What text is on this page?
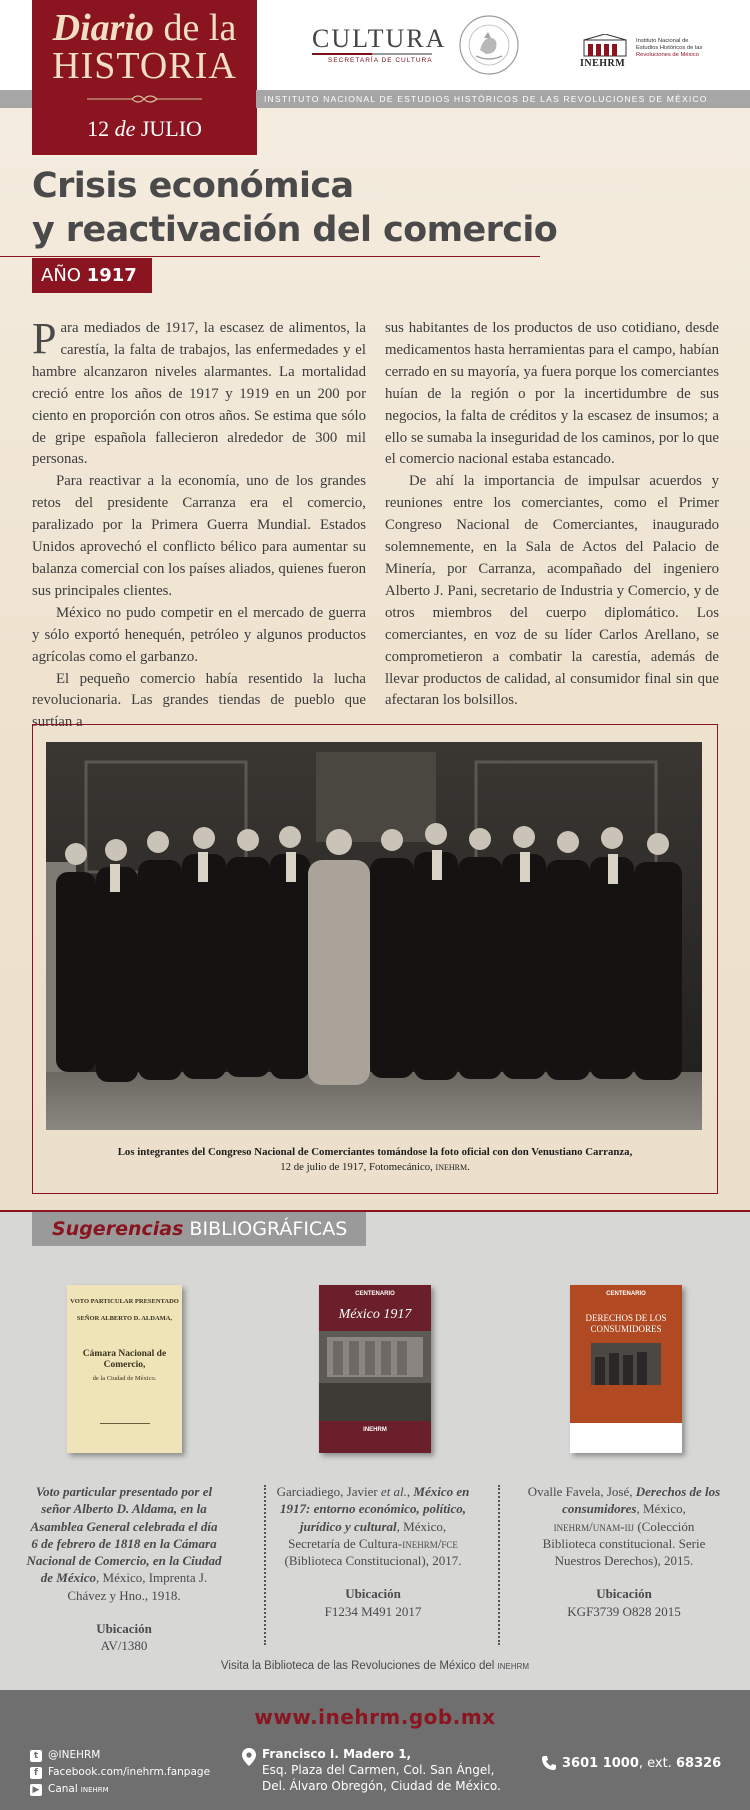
Diario de la
HISTORIA
12 de JULIO
CULTURA
SECRETARÍA DE CULTURA	INEHRM
Instituto Nacional de
Estudios Históricos de las
Revoluciones de México
INSTITUTO NACIONAL DE ESTUDIOS HISTÓRICOS DE LAS REVOLUCIONES DE MÉXICO
Crisis económica
y reactivación del comercio
AÑO 1917

Para mediados de 1917, la escasez de alimentos, la carestía, la falta de trabajos, las enfermedades y el hambre alcanzaron niveles alarmantes. La mortalidad creció entre los años de 1917 y 1919 en un 200 por ciento en proporción con otros años. Se estima que sólo de gripe española fallecieron alrededor de 300 mil personas.

Para reactivar a la economía, uno de los grandes retos del presidente Carranza era el comercio, paralizado por la Primera Guerra Mundial. Estados Unidos aprovechó el conflicto bélico para aumentar su balanza comercial con los países aliados, quienes fueron sus principales clientes.

México no pudo competir en el mercado de guerra y sólo exportó henequén, petróleo y algunos productos agrícolas como el garbanzo.

El pequeño comercio había resentido la lucha revolucionaria. Las grandes tiendas de pueblo que surtían a

sus habitantes de los productos de uso cotidiano, desde medicamentos hasta herramientas para el campo, habían cerrado en su mayoría, ya fuera porque los comerciantes huían de la región o por la incertidumbre de sus negocios, la falta de créditos y la escasez de insumos; a ello se sumaba la inseguridad de los caminos, por lo que el comercio nacional estaba estancado.

De ahí la importancia de impulsar acuerdos y reuniones entre los comerciantes, como el Primer Congreso Nacional de Comerciantes, inaugurado solemnemente, en la Sala de Actos del Palacio de Minería, por Carranza, acompañado del ingeniero Alberto J. Pani, secretario de Industria y Comercio, y de otros miembros del cuerpo diplomático. Los comerciantes, en voz de su líder Carlos Arellano, se comprometieron a combatir la carestía, además de llevar productos de calidad, al consumidor final sin que afectaran los bolsillos.

Los integrantes del Congreso Nacional de Comerciantes tomándose la foto oficial con don Venustiano Carranza,
12 de julio de 1917, Fotomecánico, inehrm.
Sugerencias BIBLIOGRÁFICAS
VOTO PARTICULAR PRESENTADO
SEÑOR ALBERTO D. ALDAMA,
Cámara Nacional de Comercio,
de la Ciudad de México.
CENTENARIO
México 1917
INEHRM
CENTENARIO
DERECHOS DE LOS CONSUMIDORES
Voto particular presentado por el señor Alberto D. Aldama, en la Asamblea General celebrada el día 6 de febrero de 1818 en la Cámara Nacional de Comercio, en la Ciudad de México, México, Imprenta J. Chávez y Hno., 1918.
Ubicación
AV/1380
Garciadiego, Javier et al., México en 1917: entorno económico, político, jurídico y cultural, México, Secretaría de Cultura-inehrm/fce (Biblioteca Constitucional), 2017.
Ubicación
F1234 M491 2017
Ovalle Favela, José, Derechos de los consumidores, México, inehrm/unam-iij (Colección Biblioteca constitucional. Serie Nuestros Derechos), 2015.
Ubicación
KGF3739 O828 2015
Visita la Biblioteca de las Revoluciones de México del inehrm
www.inehrm.gob.mx
t @INEHRM
f Facebook.com/inehrm.fanpage
▶ Canal inehrm
Francisco I. Madero 1,
Esq. Plaza del Carmen, Col. San Ángel,
Del. Álvaro Obregón, Ciudad de México.
3601 1000, ext. 68326
